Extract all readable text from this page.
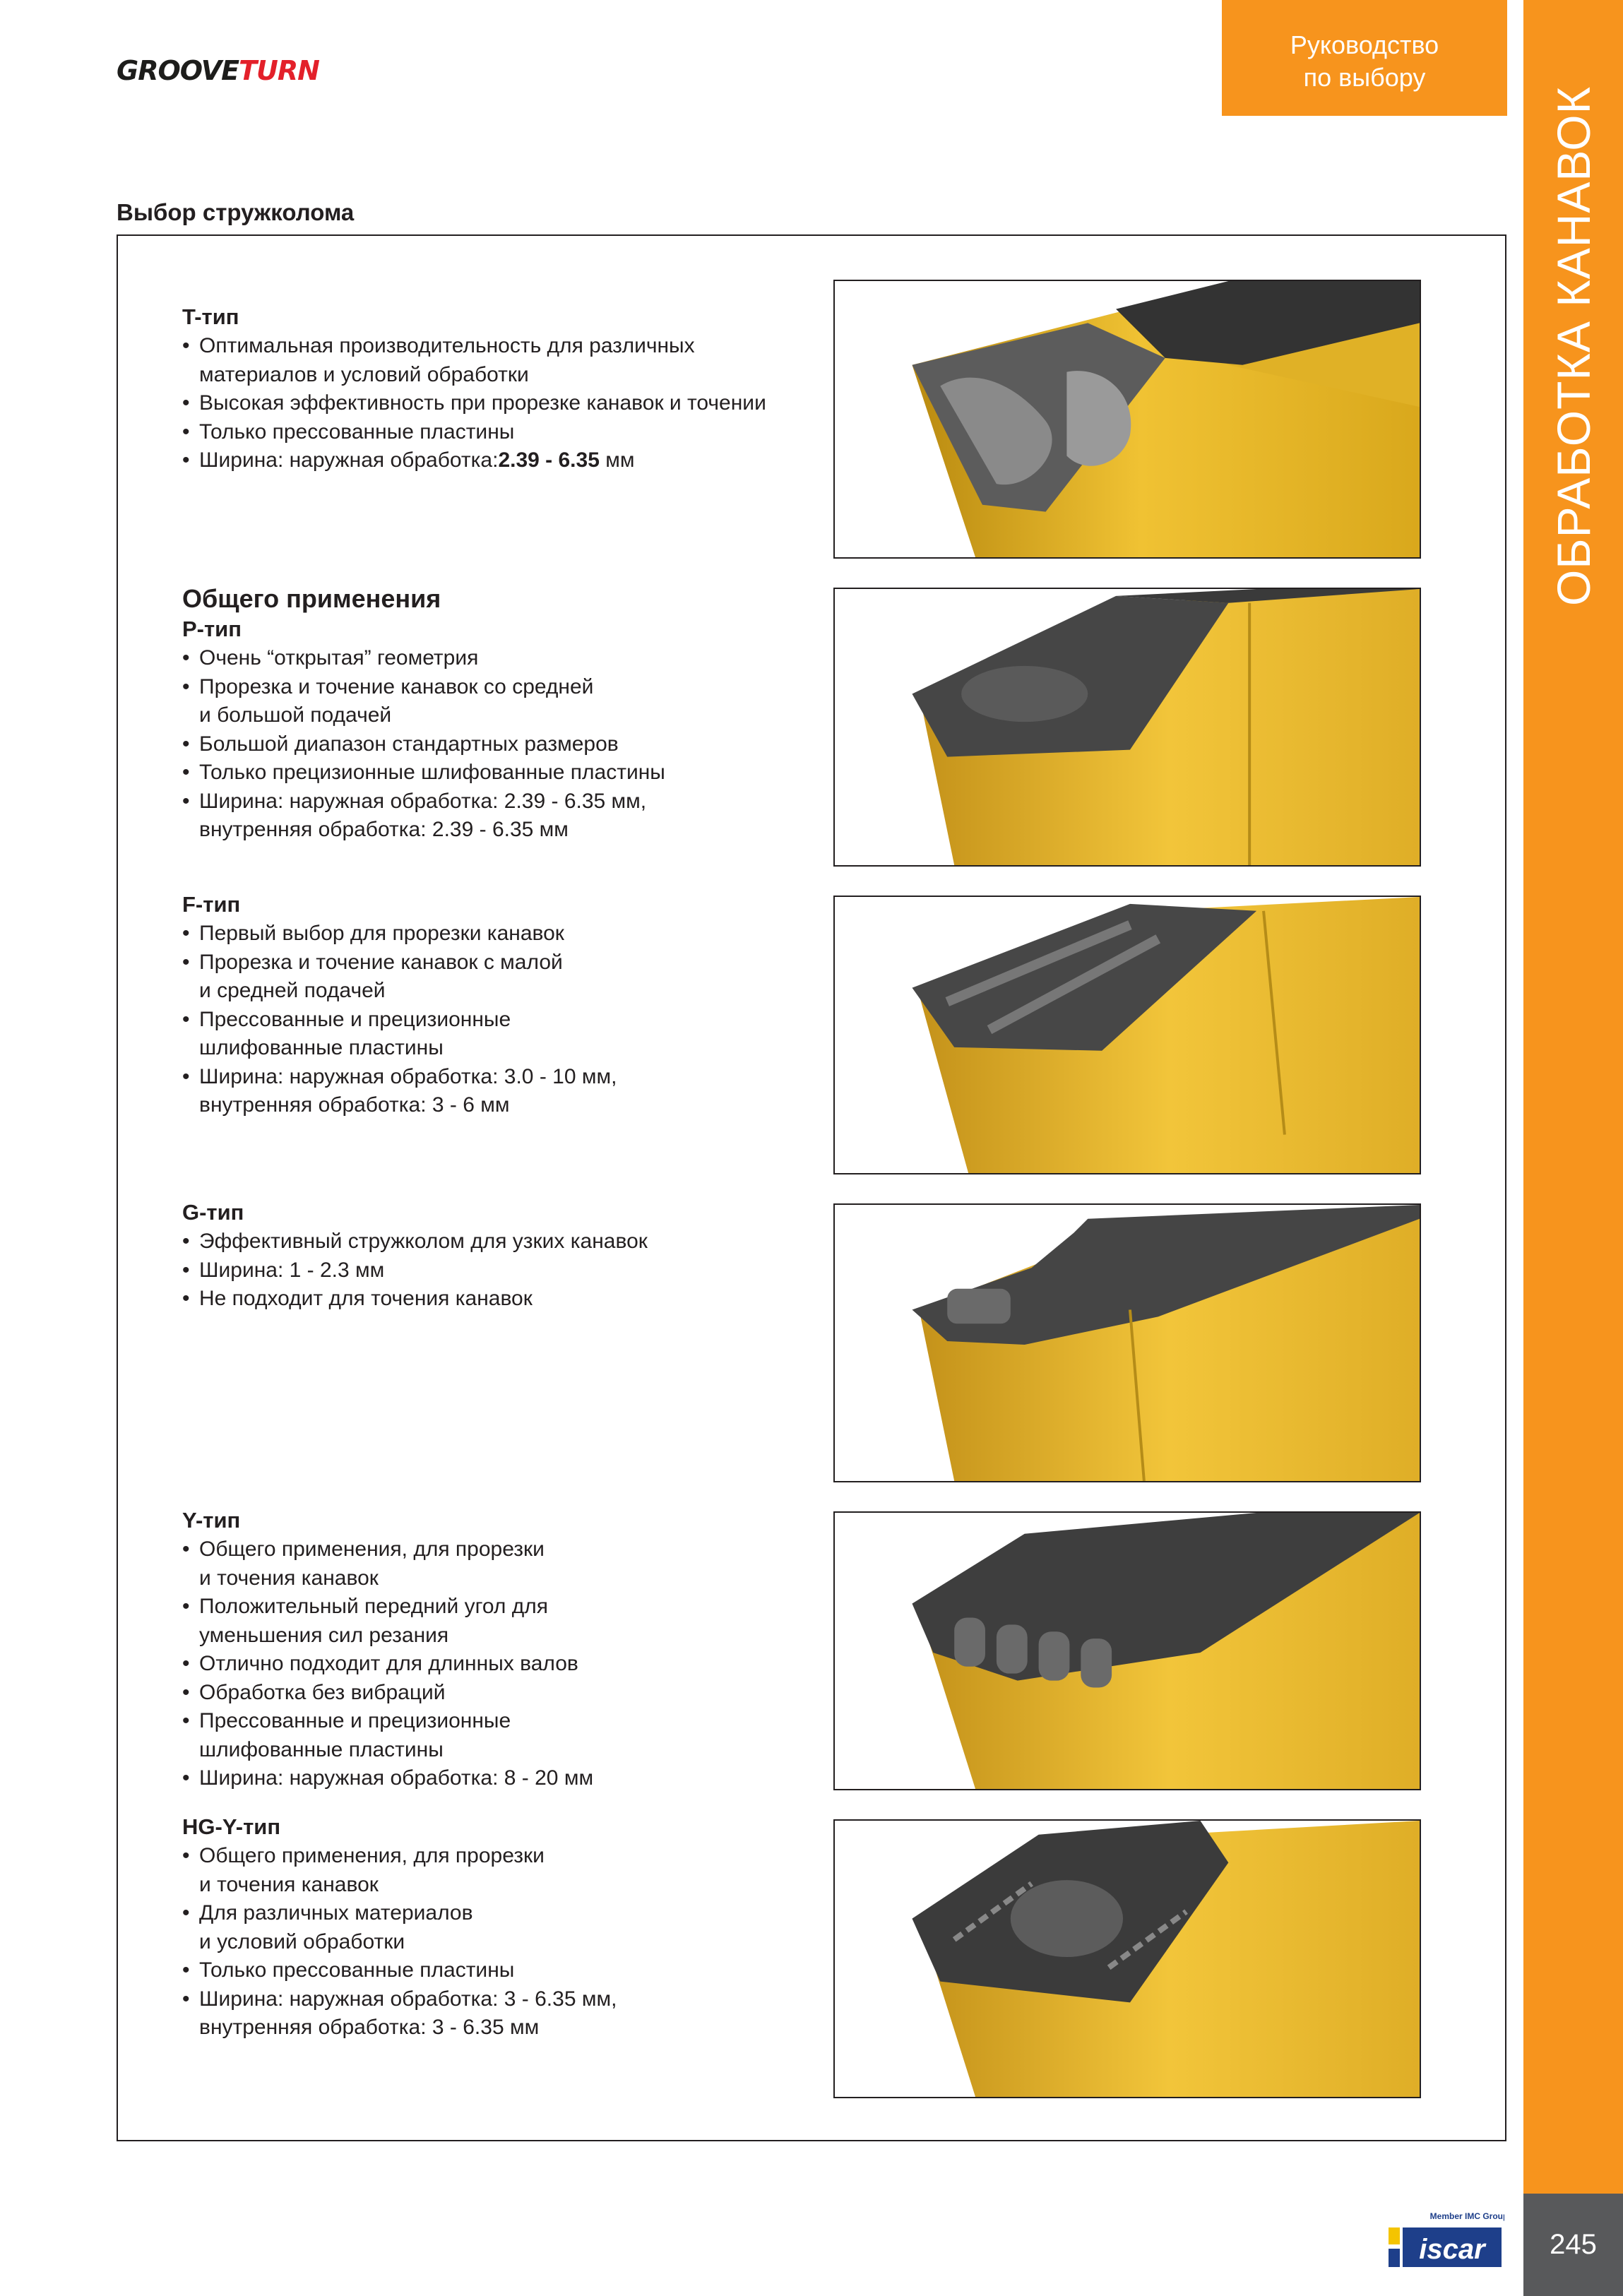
GROOVETURN
Руководство
по выбору
ОБРАБОТКА КАНАВОК
245
Выбор стружколома
T-тип
• Оптимальная производительность для различных
материалов и условий обработки
• Высокая эффективность при прорезке канавок и точении
• Только прессованные пластины
• Ширина: наружная обработка:2.39 - 6.35 мм
Общего применения
P-тип
• Очень “открытая” геометрия
• Прорезка и точение канавок со средней
и большой подачей
• Большой диапазон стандартных размеров
• Только прецизионные шлифованные пластины
• Ширина: наружная обработка: 2.39 - 6.35 мм,
внутренняя обработка: 2.39 - 6.35 мм
F-тип
• Первый выбор для прорезки канавок
• Прорезка и точение канавок с малой
и средней подачей
• Прессованные и прецизионные
шлифованные пластины
• Ширина: наружная обработка: 3.0 - 10 мм,
внутренняя обработка: 3 - 6 мм
G-тип
• Эффективный стружколом для узких канавок
• Ширина: 1 - 2.3 мм
• Не подходит для точения канавок
Y-тип
• Общего применения, для прорезки
и точения канавок
• Положительный передний угол для
уменьшения сил резания
• Отлично подходит для длинных валов
• Обработка без вибраций
• Прессованные и прецизионные
шлифованные пластины
• Ширина: наружная обработка: 8 - 20 мм
HG-Y-тип
• Общего применения, для прорезки
и точения канавок
• Для различных материалов
и условий обработки
• Только прессованные пластины
• Ширина: наружная обработка: 3 - 6.35 мм,
внутренняя обработка: 3 - 6.35 мм
Member IMC Group
iscar
